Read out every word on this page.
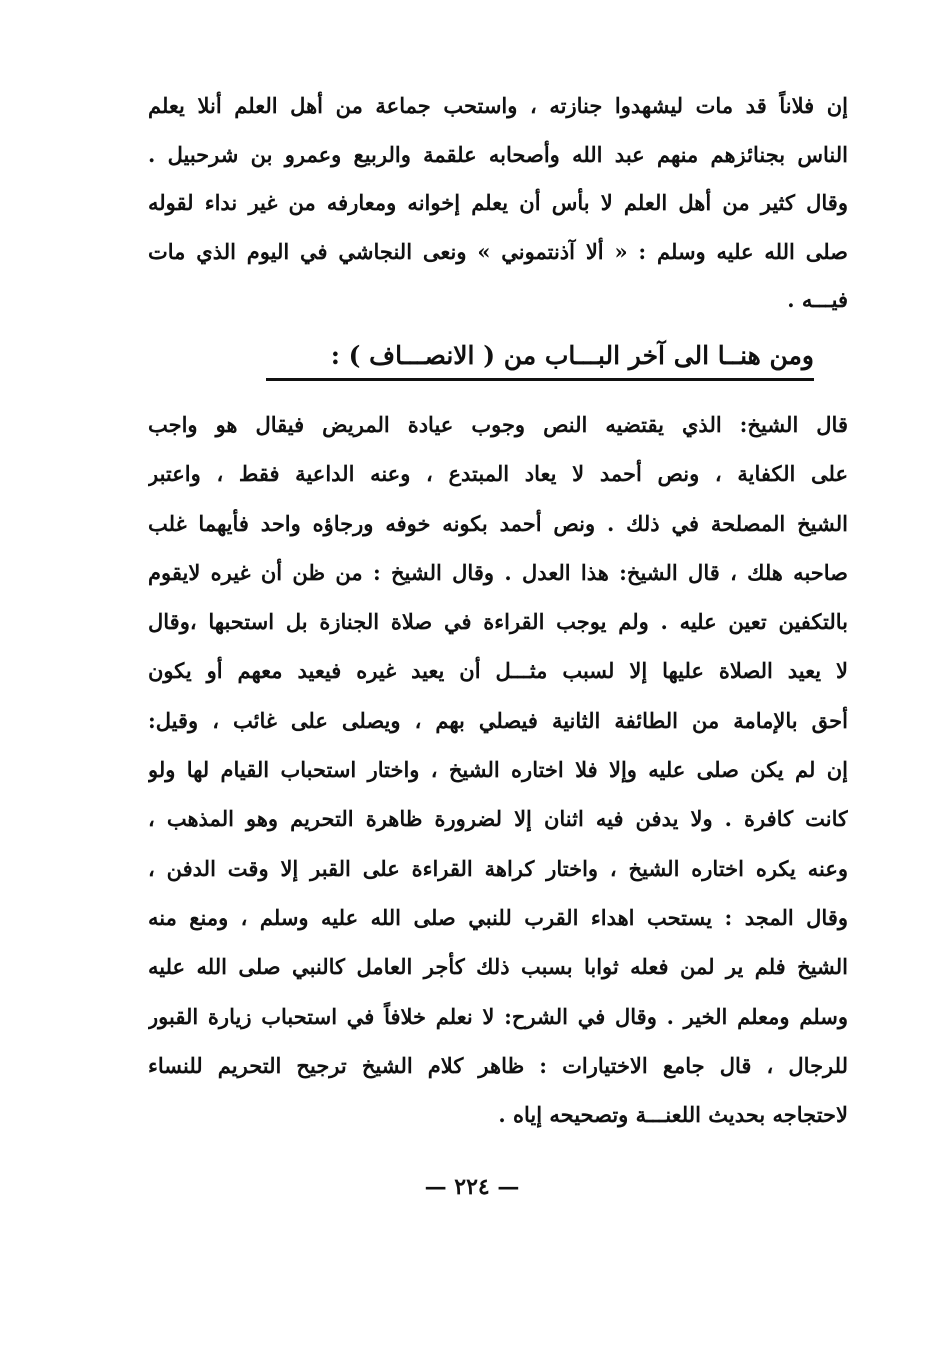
إن فلاناً قد مات ليشهدوا جنازته ، واستحب جماعة من أهل العلم أنلا يعلم
الناس بجنائزهم منهم عبد الله وأصحابه علقمة والربيع وعمرو بن شرحبيل .
وقال كثير من أهل العلم لا بأس أن يعلم إخوانه ومعارفه من غير نداء لقوله
صلى الله عليه وسلم : « ألا آذنتموني » ونعى النجاشي في اليوم الذي مات
فيـــه .
ومن هنــا الى آخر البـــاب من ( الانصـــاف ) :
قال الشيخ: الذي يقتضيه النص وجوب عيادة المريض فيقال هو واجب
على الكفاية ، ونص أحمد لا يعاد المبتدع ، وعنه الداعية فقط ، واعتبر
الشيخ المصلحة في ذلك . ونص أحمد بكونه خوفه ورجاؤه واحد فأيهما غلب
صاحبه هلك ، قال الشيخ: هذا العدل . وقال الشيخ : من ظن أن غيره لايقوم
بالتكفين تعين عليه . ولم يوجب القراءة في صلاة الجنازة بل استحبها ،وقال
لا يعيد الصلاة عليها إلا لسبب مثـــل أن يعيد غيره فيعيد معهم أو يكون
أحق بالإمامة من الطائفة الثانية فيصلي بهم ، ويصلى على غائب ، وقيل:
إن لم يكن صلى عليه وإلا فلا اختاره الشيخ ، واختار استحباب القيام لها ولو
كانت كافرة . ولا يدفن فيه اثنان إلا لضرورة ظاهرة التحريم وهو المذهب ،
وعنه يكره اختاره الشيخ ، واختار كراهة القراءة على القبر إلا وقت الدفن ،
وقال المجد : يستحب اهداء القرب للنبي صلى الله عليه وسلم ، ومنع منه
الشيخ فلم ير لمن فعله ثوابا بسبب ذلك كأجر العامل كالنبي صلى الله عليه
وسلم ومعلم الخير . وقال في الشرح: لا نعلم خلافاً في استحباب زيارة القبور
للرجال ، قال جامع الاختيارات : ظاهر كلام الشيخ ترجيح التحريم للنساء
لاحتجاجه بحديث اللعنـــة وتصحيحه إياه .
— ٢٢٤ —
